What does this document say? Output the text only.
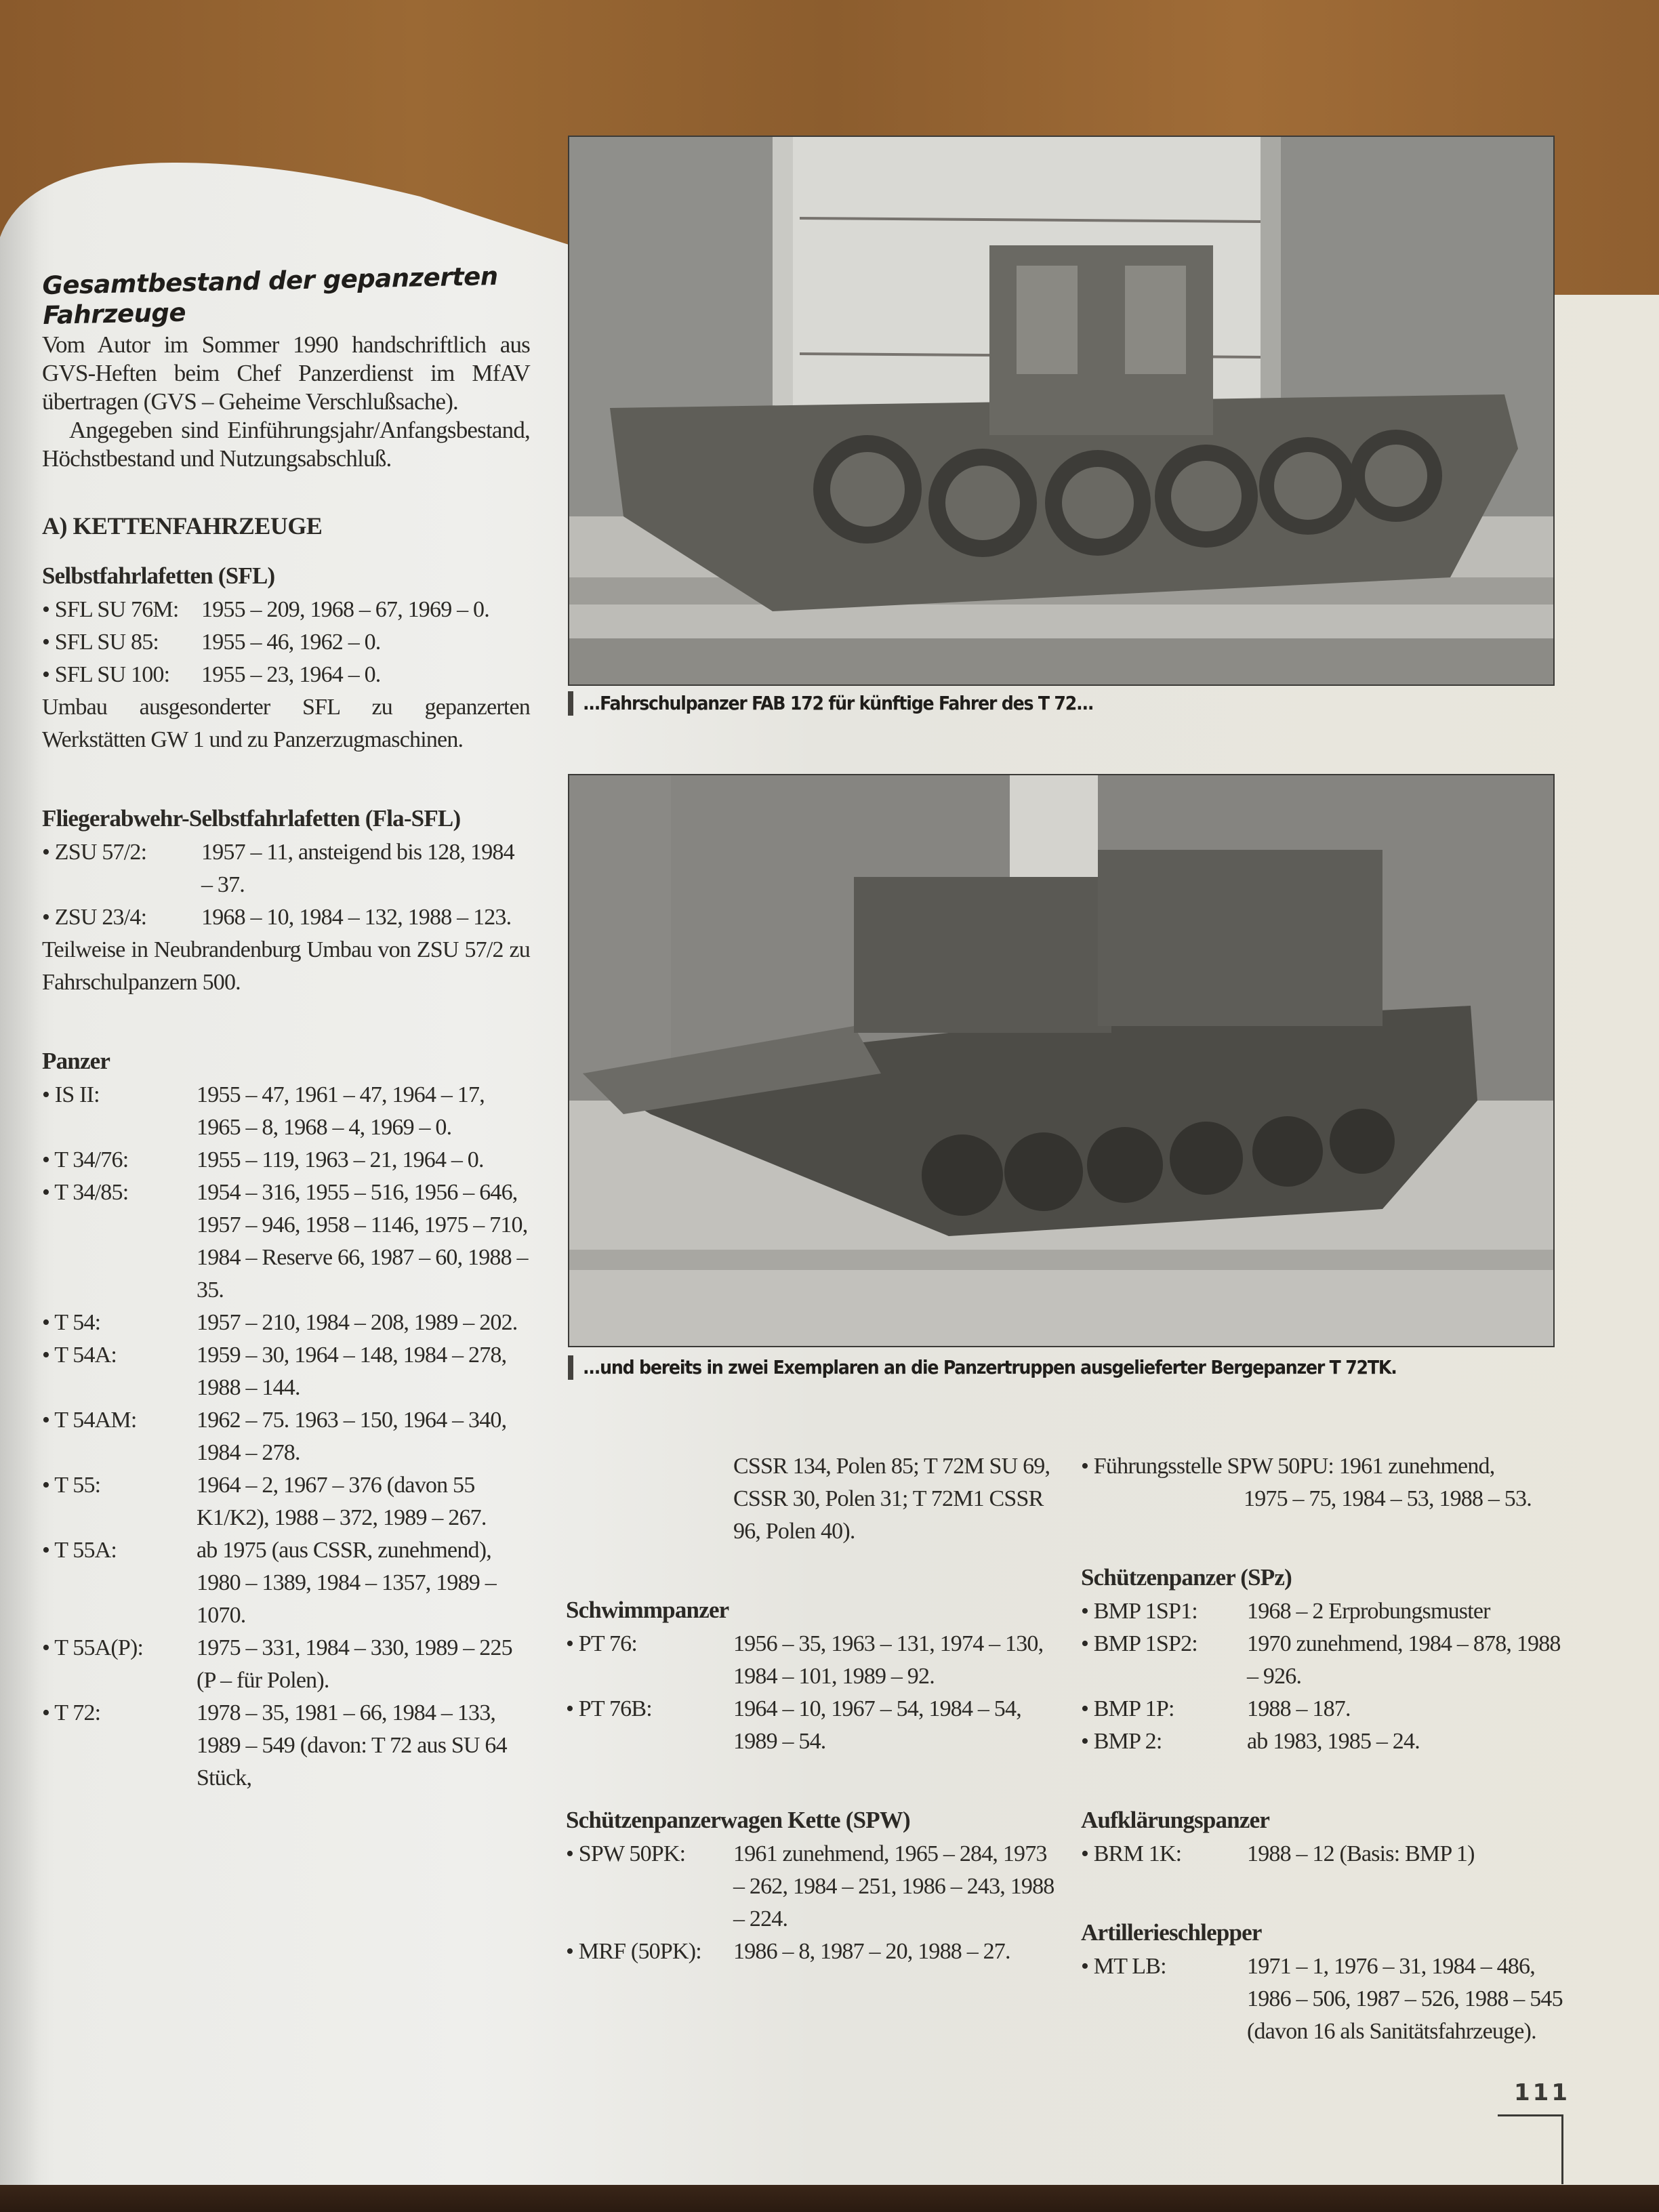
Gesamtbestand der gepanzerten Fahrzeuge

Vom Autor im Sommer 1990 handschriftlich aus GVS-Heften beim Chef Panzerdienst im MfAV übertragen (GVS – Geheime Verschlußsache).

Angegeben sind Einführungsjahr/Anfangsbestand, Höchstbestand und Nutzungsabschluß.

A) KETTENFAHRZEUGE
Selbstfahrlafetten (SFL)
• SFL SU 76M: 1955 – 209, 1968 – 67, 1969 – 0.
• SFL SU 85:	1955 – 46, 1962 – 0.
• SFL SU 100:	1955 – 23, 1964 – 0.

Umbau ausgesonderter SFL zu gepanzerten Werkstätten GW 1 und zu Panzerzugmaschinen.

Fliegerabwehr-Selbstfahrlafetten (Fla-SFL)
• ZSU 57/2:	1957 – 11, ansteigend bis 128, 1984 – 37.
• ZSU 23/4:	1968 – 10, 1984 – 132, 1988 – 123.

Teilweise in Neubrandenburg Umbau von ZSU 57/2 zu Fahrschulpanzern 500.

Panzer
• IS II:	1955 – 47, 1961 – 47, 1964 – 17, 1965 – 8, 1968 – 4, 1969 – 0.
• T 34/76:	1955 – 119, 1963 – 21, 1964 – 0.
• T 34/85:	1954 – 316, 1955 – 516, 1956 – 646, 1957 – 946, 1958 – 1146, 1975 – 710, 1984 – Reserve 66, 1987 – 60, 1988 – 35.
• T 54:	1957 – 210, 1984 – 208, 1989 – 202.
• T 54A:	1959 – 30, 1964 – 148, 1984 – 278, 1988 – 144.
• T 54AM:	1962 – 75. 1963 – 150, 1964 – 340, 1984 – 278.
• T 55:	1964 – 2, 1967 – 376 (davon 55 K1/K2), 1988 – 372, 1989 – 267.
• T 55A:	ab 1975 (aus CSSR, zunehmend), 1980 – 1389, 1984 – 1357, 1989 – 1070.
• T 55A(P):	1975 – 331, 1984 – 330, 1989 – 225 (P – für Polen).
• T 72:	1978 – 35, 1981 – 66, 1984 – 133, 1989 – 549 (davon: T 72 aus SU 64 Stück,
...Fahrschulpanzer FAB 172 für künftige Fahrer des T 72...
...und bereits in zwei Exemplaren an die Panzertruppen ausgelieferter Bergepanzer T 72TK.
CSSR 134, Polen 85; T 72M SU 69, CSSR 30, Polen 31; T 72M1 CSSR 96, Polen 40).
Schwimmpanzer
• PT 76:	1956 – 35, 1963 – 131, 1974 – 130, 1984 – 101, 1989 – 92.
• PT 76B:	1964 – 10, 1967 – 54, 1984 – 54, 1989 – 54.
Schützenpanzerwagen Kette (SPW)
• SPW 50PK:	1961 zunehmend, 1965 – 284, 1973 – 262, 1984 – 251, 1986 – 243, 1988 – 224.
• MRF (50PK):	1986 – 8, 1987 – 20, 1988 – 27.
• Führungsstelle SPW 50PU: 1961 zunehmend,
1975 – 75, 1984 – 53, 1988 – 53.
Schützenpanzer (SPz)
• BMP 1SP1:	1968 – 2 Erprobungsmuster
• BMP 1SP2:	1970 zunehmend, 1984 – 878, 1988 – 926.
• BMP 1P:	1988 – 187.
• BMP 2:	ab 1983, 1985 – 24.
Aufklärungspanzer
• BRM 1K:	1988 – 12 (Basis: BMP 1)
Artillerieschlepper
• MT LB:	1971 – 1, 1976 – 31, 1984 – 486, 1986 – 506, 1987 – 526, 1988 – 545 (davon 16 als Sanitätsfahrzeuge).
111
